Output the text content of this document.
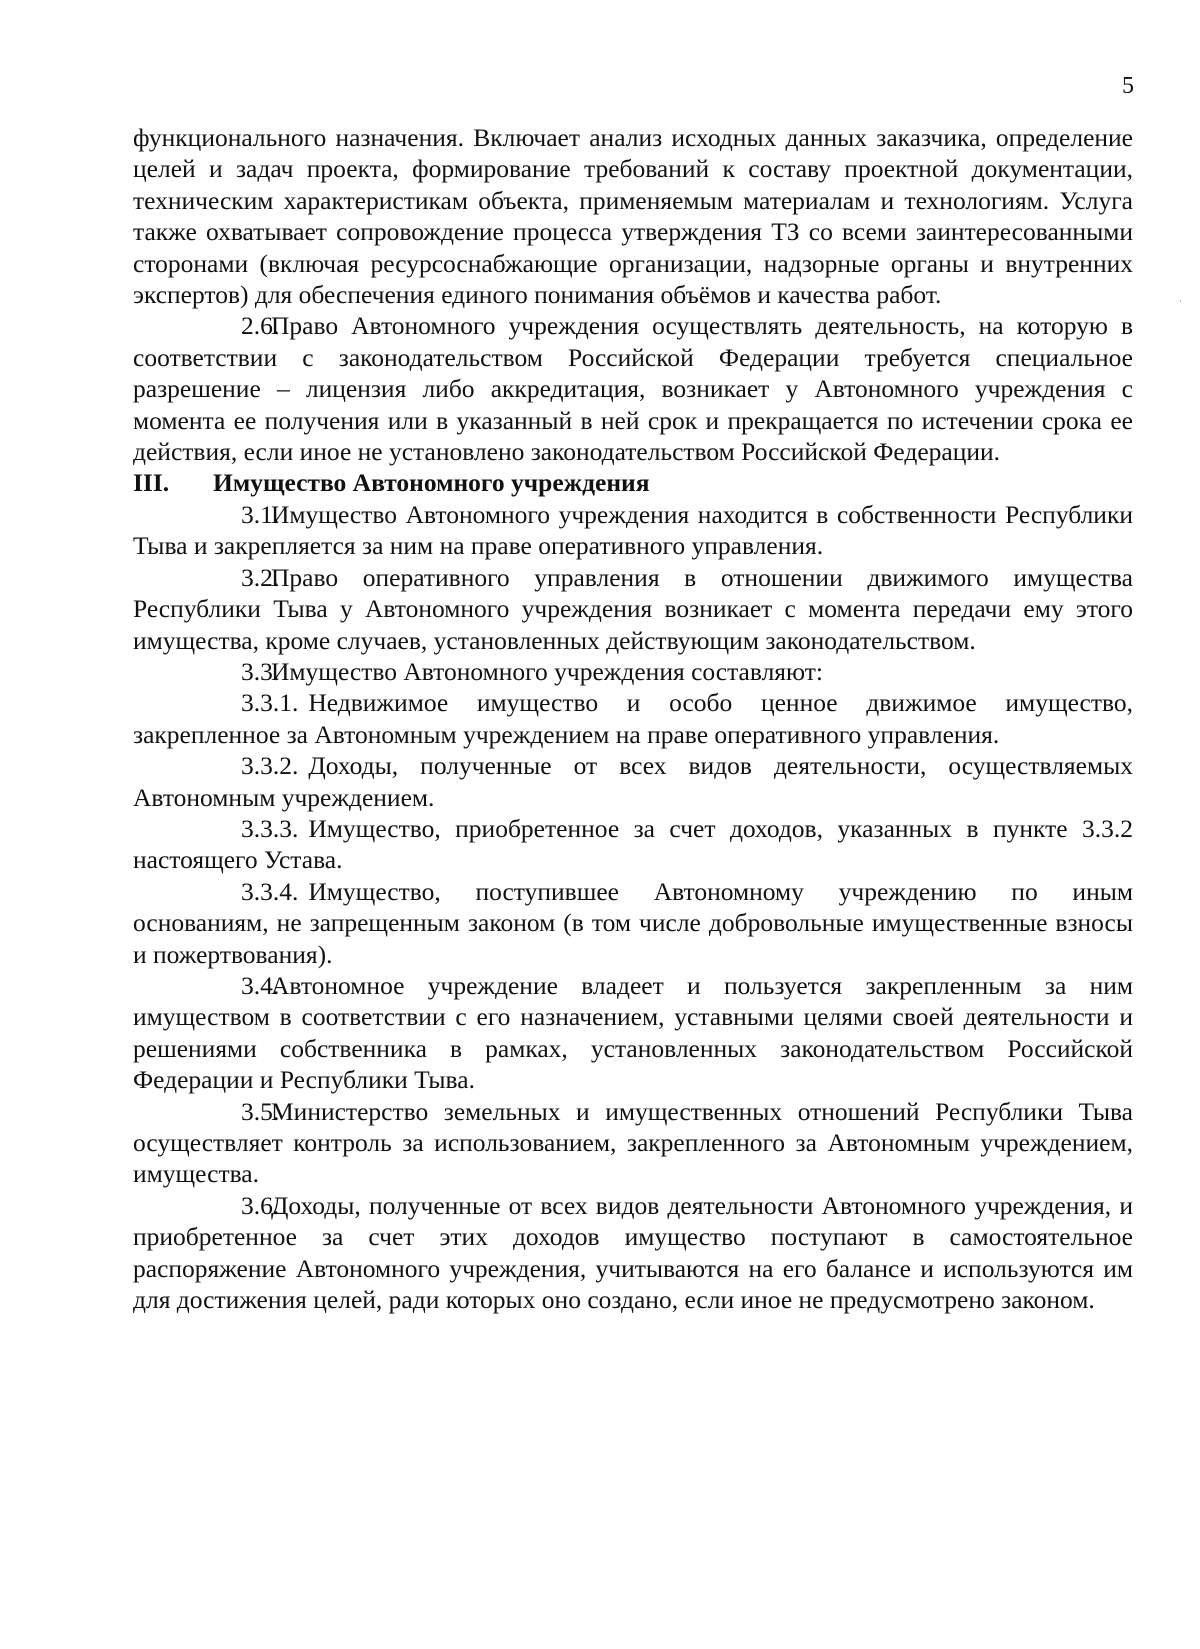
5

функционального назначения. Включает анализ исходных данных заказчика, определение целей и задач проекта, формирование требований к составу проектной документации, техническим характеристикам объекта, применяемым материалам и технологиям. Услуга также охватывает сопровождение процесса утверждения ТЗ со всеми заинтересованными сторонами (включая ресурсоснабжающие организации, надзорные органы и внутренних экспертов) для обеспечения единого понимания объёмов и качества работ.

2.6.Право Автономного учреждения осуществлять деятельность, на которую в соответствии с законодательством Российской Федерации требуется специальное разрешение – лицензия либо аккредитация, возникает у Автономного учреждения с момента ее получения или в указанный в ней срок и прекращается по истечении срока ее действия, если иное не установлено законодательством Российской Федерации.

III. Имущество Автономного учреждения

3.1.Имущество Автономного учреждения находится в собственности Республики Тыва и закрепляется за ним на праве оперативного управления.

3.2.Право оперативного управления в отношении движимого имущества Республики Тыва у Автономного учреждения возникает с момента передачи ему этого имущества, кроме случаев, установленных действующим законодательством.

3.3.Имущество Автономного учреждения составляют:

3.3.1. Недвижимое имущество и особо ценное движимое имущество, закрепленное за Автономным учреждением на праве оперативного управления.

3.3.2. Доходы, полученные от всех видов деятельности, осуществляемых Автономным учреждением.

3.3.3. Имущество, приобретенное за счет доходов, указанных в пункте 3.3.2 настоящего Устава.

3.3.4. Имущество, поступившее Автономному учреждению по иным основаниям, не запрещенным законом (в том числе добровольные имущественные взносы и пожертвования).

3.4.Автономное учреждение владеет и пользуется закрепленным за ним имуществом в соответствии с его назначением, уставными целями своей деятельности и решениями собственника в рамках, установленных законодательством Российской Федерации и Республики Тыва.

3.5.Министерство земельных и имущественных отношений Республики Тыва осуществляет контроль за использованием, закрепленного за Автономным учреждением, имущества.

3.6.Доходы, полученные от всех видов деятельности Автономного учреждения, и приобретенное за счет этих доходов имущество поступают в самостоятельное распоряжение Автономного учреждения, учитываются на его балансе и используются им для достижения целей, ради которых оно создано, если иное не предусмотрено законом.
